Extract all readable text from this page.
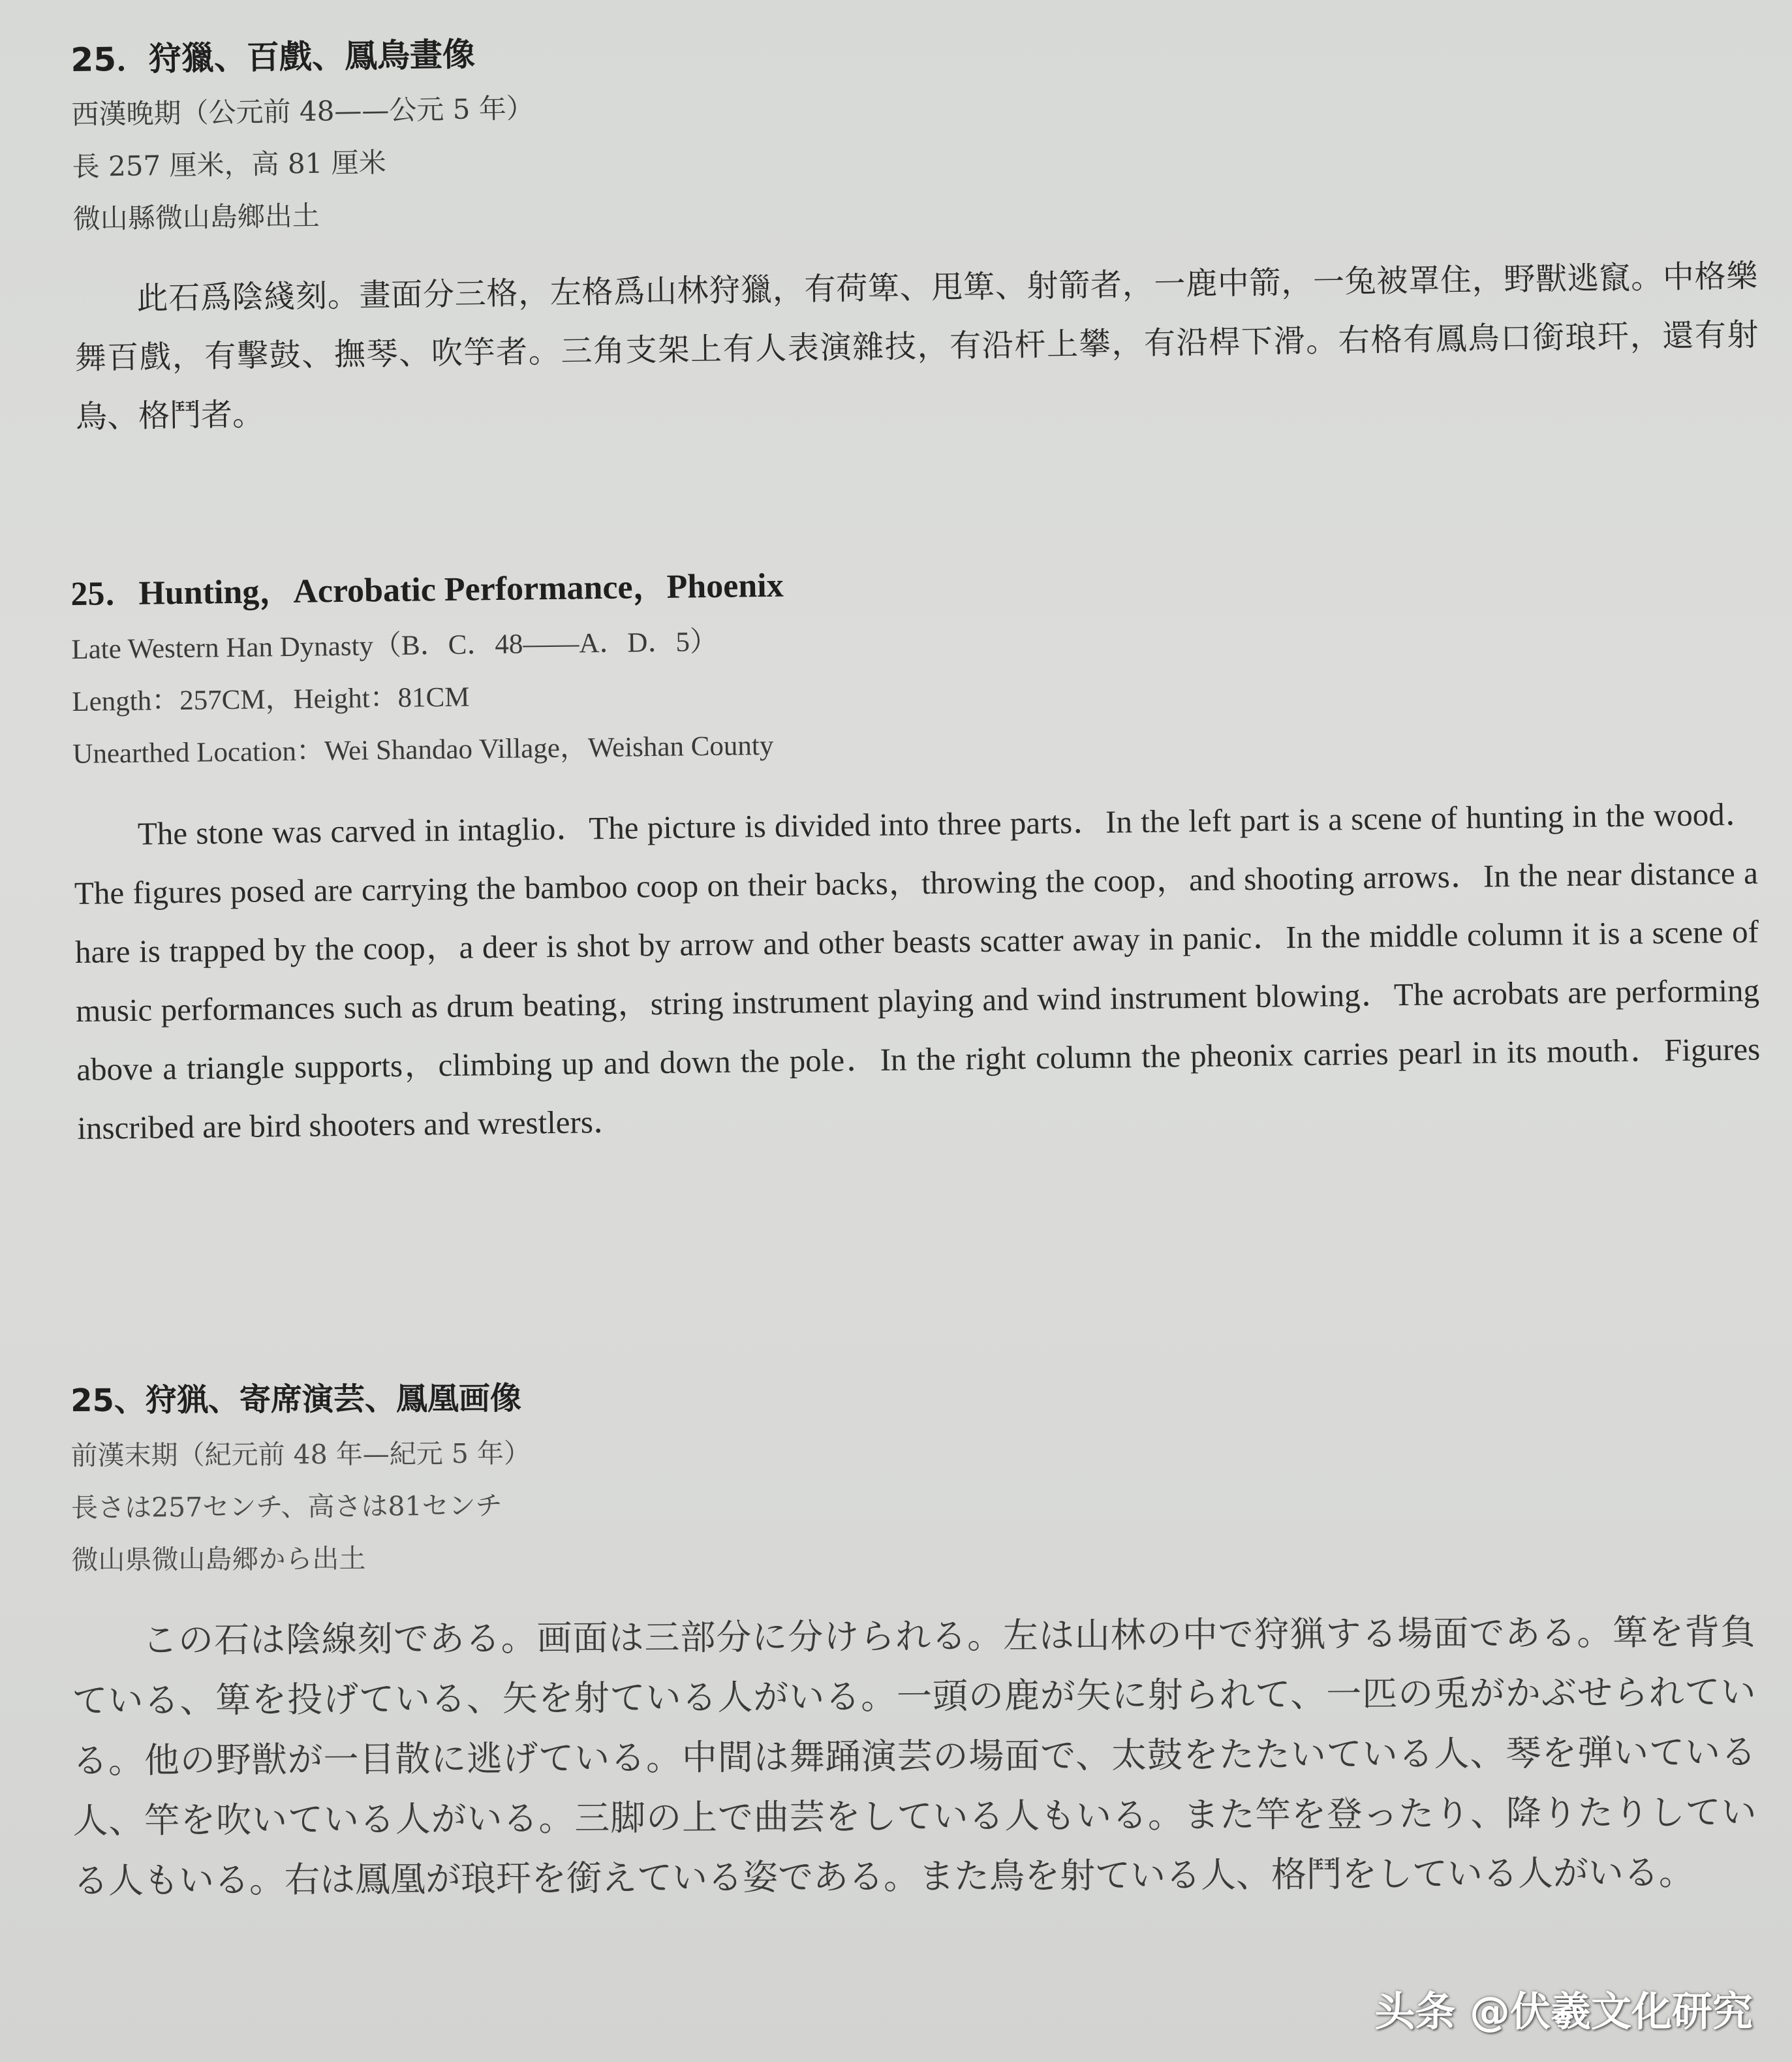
25．狩獵、百戲、鳳鳥畫像
西漢晚期（公元前 48——公元 5 年）
長 257 厘米，高 81 厘米
微山縣微山島鄉出土
此石爲陰綫刻。畫面分三格，左格爲山林狩獵，有荷箄、甩箄、射箭者，一鹿中箭，一兔被罩住，野獸逃竄。中格樂舞百戲，有擊鼓、撫琴、吹竽者。三角支架上有人表演雜技，有沿杆上攀，有沿桿下滑。右格有鳳鳥口銜琅玕，還有射鳥、格鬥者。
25．Hunting，Acrobatic Performance，Phoenix
Late Western Han Dynasty（B．C．48——A．D．5）
Length：257CM，Height：81CM
Unearthed Location：Wei Shandao Village，Weishan County
The stone was carved in intaglio．The picture is divided into three parts．In the left part is a scene of hunting in the wood．The figures posed are carrying the bamboo coop on their backs，throwing the coop，and shooting arrows．In the near distance a hare is trapped by the coop，a deer is shot by arrow and other beasts scatter away in panic．In the middle column it is a scene of music performances such as drum beating，string instrument playing and wind instrument blowing．The acrobats are performing above a triangle supports，climbing up and down the pole．In the right column the pheonix carries pearl in its mouth．Figures inscribed are bird shooters and wrestlers．
25、狩猟、寄席演芸、鳳凰画像
前漢末期（紀元前 48 年—紀元 5 年）
長さは257センチ、高さは81センチ
微山県微山島郷から出土
この石は陰線刻である。画面は三部分に分けられる。左は山林の中で狩猟する場面である。箄を背負ている、箄を投げている、矢を射ている人がいる。一頭の鹿が矢に射られて、一匹の兎がかぶせられている。他の野獣が一目散に逃げている。中間は舞踊演芸の場面で、太鼓をたたいている人、琴を弾いている人、竿を吹いている人がいる。三脚の上で曲芸をしている人もいる。また竿を登ったり、降りたりしている人もいる。右は鳳凰が琅玕を銜えている姿である。また鳥を射ている人、格鬥をしている人がいる。
头条 @伏羲文化研究
